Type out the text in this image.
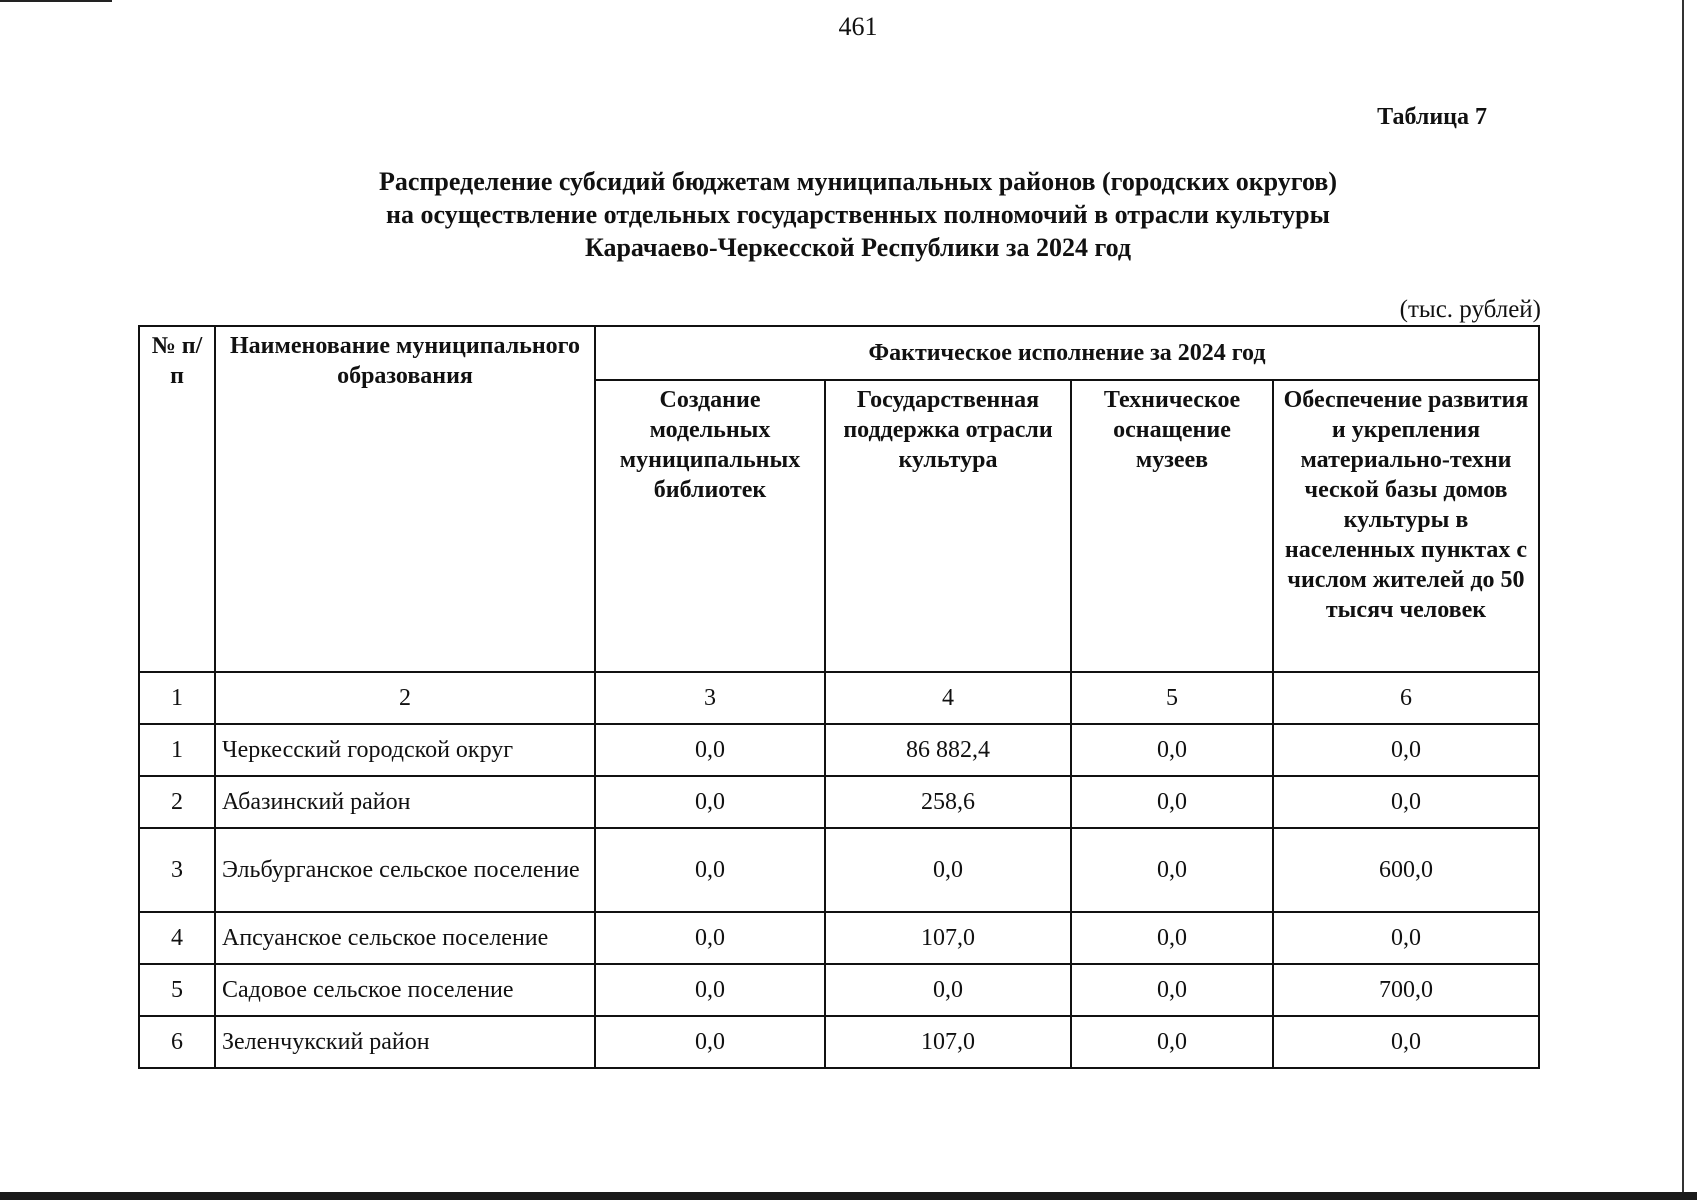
461
Таблица 7
Распределение субсидий бюджетам муниципальных районов (городских округов)
на осуществление отдельных государственных полномочий в отрасли культуры
Карачаево-Черкесской Республики за 2024 год
(тыс. рублей)
№ п/п	Наименование муниципального образования	Фактическое исполнение за 2024 год			
		Создание модельных муниципальных библиотек	Государственная поддержка отрасли культура	Техническое оснащение музеев	Обеспечение развития и укрепления материально-техни ческой базы домов культуры в населенных пунктах с числом жителей до 50 тысяч человек
1	2	3	4	5	6
1	Черкесский городской округ	0,0	86 882,4	0,0	0,0
2	Абазинский район	0,0	258,6	0,0	0,0
3	Эльбурганское сельское поселение	0,0	0,0	0,0	600,0
4	Апсуанское сельское поселение	0,0	107,0	0,0	0,0
5	Садовое сельское поселение	0,0	0,0	0,0	700,0
6	Зеленчукский район	0,0	107,0	0,0	0,0
